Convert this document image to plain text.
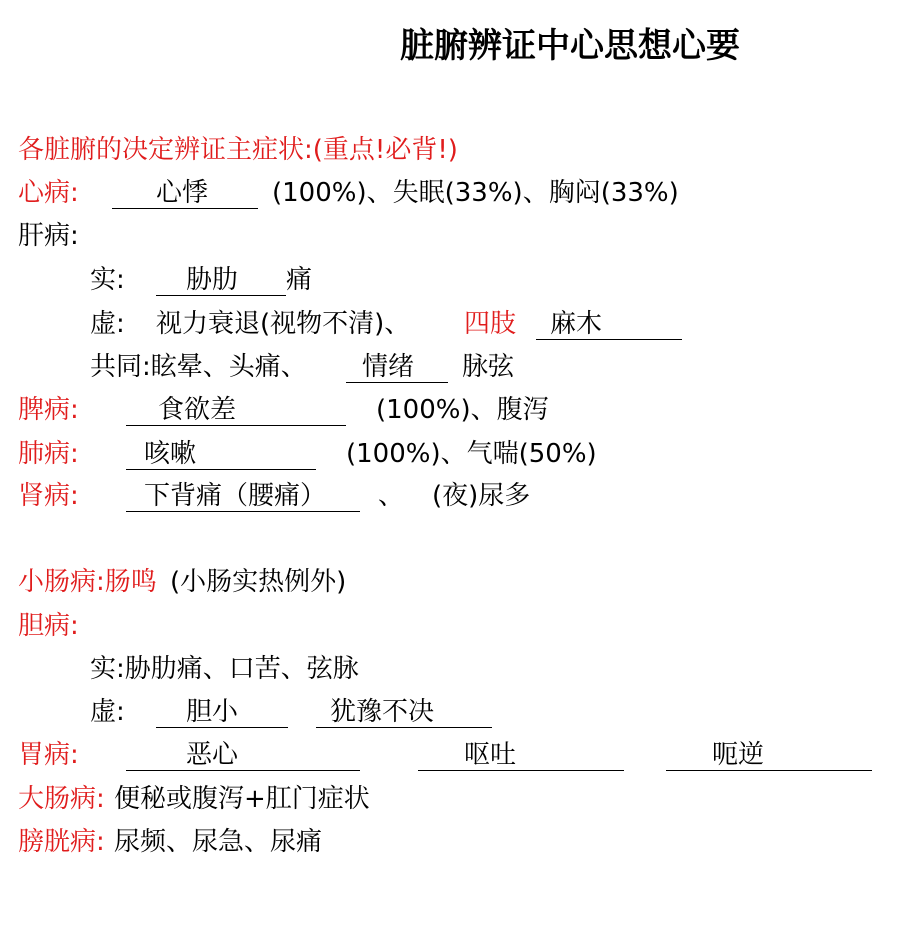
脏腑辨证中心思想心要
各脏腑的决定辨证主症状:(重点!必背!)
心病:	心悸 (100%)、失眠(33%)、胸闷(33%)
肝病:
实: 胁肋 痛
虚: 视力衰退(视物不清)、 四肢 麻木
共同:眩晕、头痛、 情绪 脉弦
脾病:	食欲差	(100%)、腹泻
肺病:	咳嗽	(100%)、气喘(50%)
肾病:	下背痛（腰痛） 、 (夜)尿多
小肠病:肠鸣 (小肠实热例外)
胆病:
实:胁肋痛、口苦、弦脉
虚: 胆小	犹豫不决
胃病:	恶心	呕吐	呃逆
大肠病: 便秘或腹泻+肛门症状
膀胱病: 尿频、尿急、尿痛
